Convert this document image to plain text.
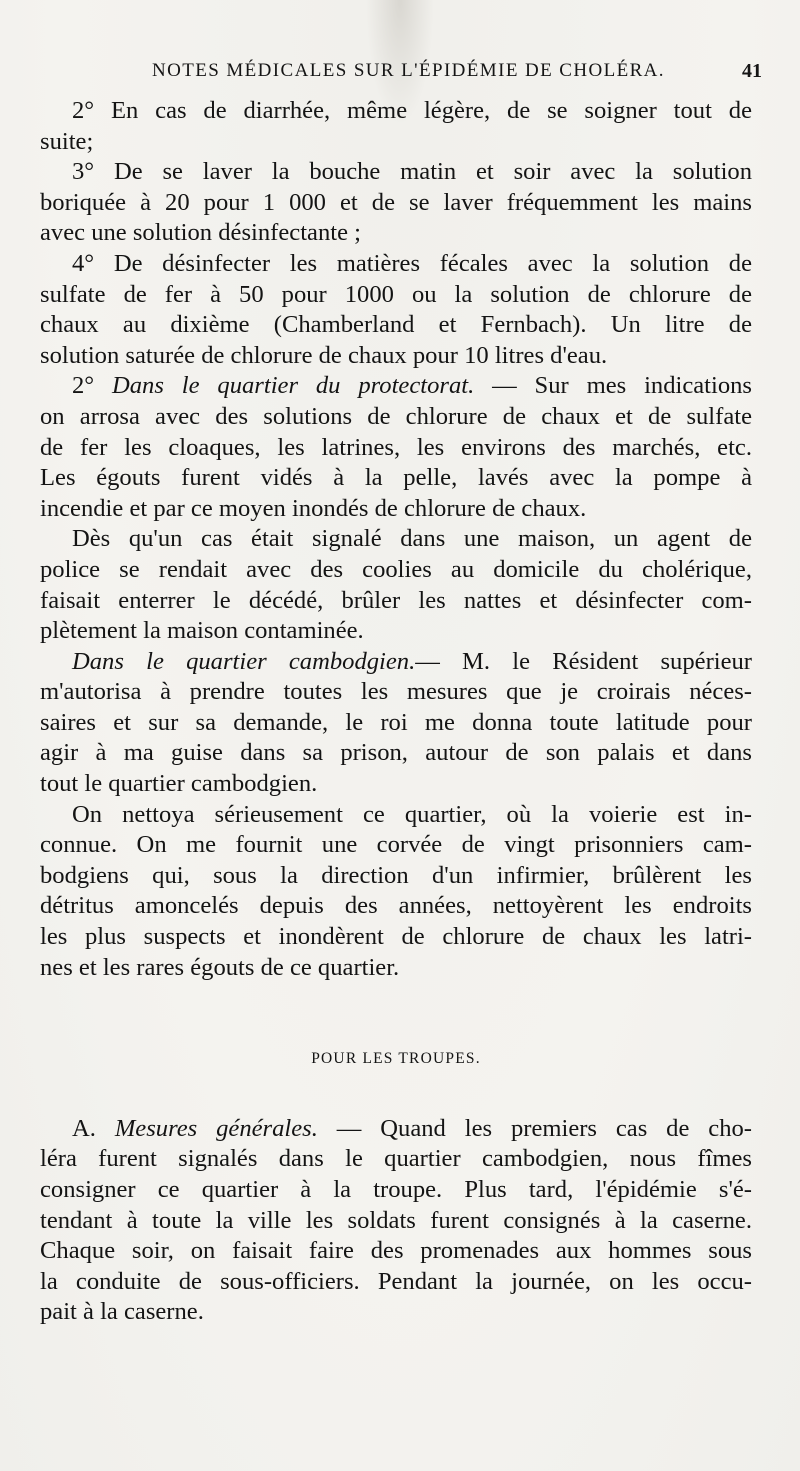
NOTES MÉDICALES SUR L'ÉPIDÉMIE DE CHOLÉRA.	41
2° En cas de diarrhée, même légère, de se soigner tout de
suite;
3° De se laver la bouche matin et soir avec la solution
boriquée à 20 pour 1 000 et de se laver fréquemment les mains
avec une solution désinfectante ;
4° De désinfecter les matières fécales avec la solution de
sulfate de fer à 50 pour 1000 ou la solution de chlorure de
chaux au dixième (Chamberland et Fernbach). Un litre de
solution saturée de chlorure de chaux pour 10 litres d'eau.
2° Dans le quartier du protectorat. — Sur mes indications
on arrosa avec des solutions de chlorure de chaux et de sulfate
de fer les cloaques, les latrines, les environs des marchés, etc.
Les égouts furent vidés à la pelle, lavés avec la pompe à
incendie et par ce moyen inondés de chlorure de chaux.
Dès qu'un cas était signalé dans une maison, un agent de
police se rendait avec des coolies au domicile du cholérique,
faisait enterrer le décédé, brûler les nattes et désinfecter com-
plètement la maison contaminée.
Dans le quartier cambodgien.— M. le Résident supérieur
m'autorisa à prendre toutes les mesures que je croirais néces-
saires et sur sa demande, le roi me donna toute latitude pour
agir à ma guise dans sa prison, autour de son palais et dans
tout le quartier cambodgien.
On nettoya sérieusement ce quartier, où la voierie est in-
connue. On me fournit une corvée de vingt prisonniers cam-
bodgiens qui, sous la direction d'un infirmier, brûlèrent les
détritus amoncelés depuis des années, nettoyèrent les endroits
les plus suspects et inondèrent de chlorure de chaux les latri-
nes et les rares égouts de ce quartier.
POUR LES TROUPES.
A. Mesures générales. — Quand les premiers cas de cho-
léra furent signalés dans le quartier cambodgien, nous fîmes
consigner ce quartier à la troupe. Plus tard, l'épidémie s'é-
tendant à toute la ville les soldats furent consignés à la caserne.
Chaque soir, on faisait faire des promenades aux hommes sous
la conduite de sous-officiers. Pendant la journée, on les occu-
pait à la caserne.
